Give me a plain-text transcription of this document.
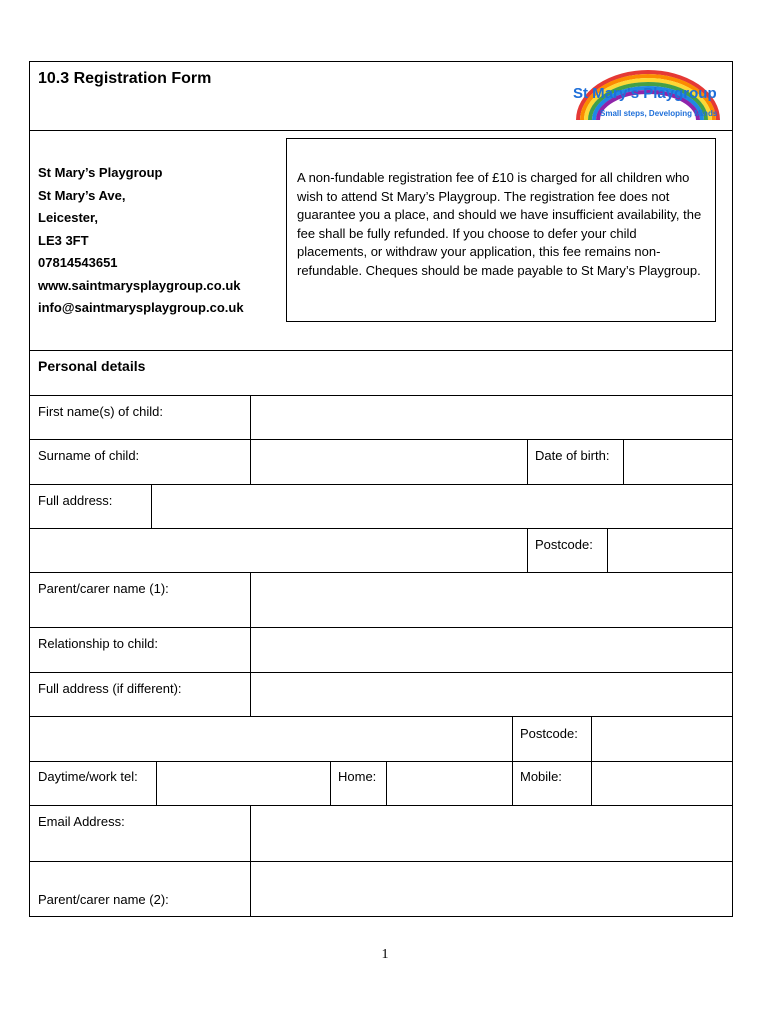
10.3 Registration Form
St Mary's Playgroup
Small steps, Developing Minds
St Mary’s Playgroup
St Mary’s Ave,
Leicester,
LE3 3FT
07814543651
www.saintmarysplaygroup.co.uk
info@saintmarysplaygroup.co.uk
A non-fundable registration fee of £10 is charged for all children who wish to attend St Mary’s Playgroup. The registration fee does not guarantee you a place, and should we have insufficient availability, the fee shall be fully refunded. If you choose to defer your child placements, or withdraw your application, this fee remains non-refundable. Cheques should be made payable to St Mary’s Playgroup.
Personal details
First name(s) of child:
Surname of child:	Date of birth:
Full address:
Postcode:
Parent/carer name (1):
Relationship to child:
Full address (if different):
Postcode:
Daytime/work tel:	Home:	Mobile:
Email Address:
Parent/carer name (2):
1
